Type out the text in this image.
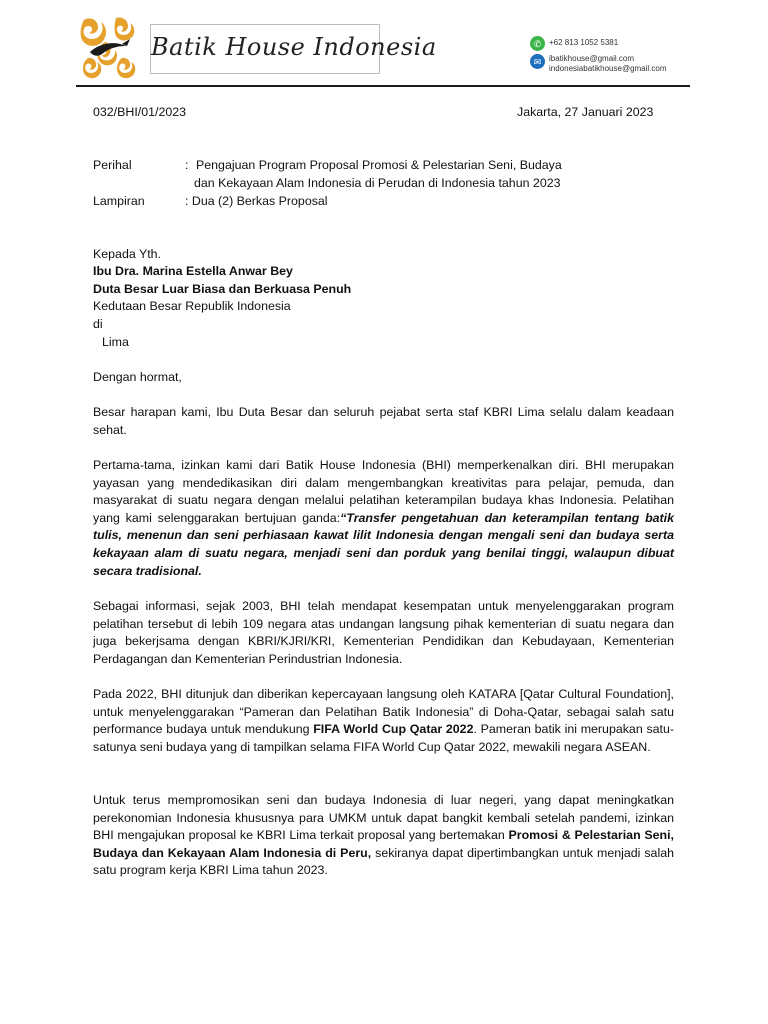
Batik House Indonesia	✆ +62 813 1052 5381
✉ ibatikhouse@gmail.com
indonesiabatikhouse@gmail.com
032/BHI/01/2023	Jakarta, 27 Januari 2023
Perihal	: Pengajuan Program Proposal Promosi & Pelestarian Seni, Budaya
dan Kekayaan Alam Indonesia di Perudan di Indonesia tahun 2023
Lampiran	: Dua (2) Berkas Proposal
Kepada Yth.
Ibu Dra. Marina Estella Anwar Bey
Duta Besar Luar Biasa dan Berkuasa Penuh
Kedutaan Besar Republik Indonesia
di
Lima
Dengan hormat,
Besar harapan kami, Ibu Duta Besar dan seluruh pejabat serta staf KBRI Lima selalu dalam keadaan sehat.
Pertama-tama, izinkan kami dari Batik House Indonesia (BHI) memperkenalkan diri. BHI merupakan yayasan yang mendedikasikan diri dalam mengembangkan kreativitas para pelajar, pemuda, dan masyarakat di suatu negara dengan melalui pelatihan keterampilan budaya khas Indonesia. Pelatihan yang kami selenggarakan bertujuan ganda:“Transfer pengetahuan dan keterampilan tentang batik tulis, menenun dan seni perhiasaan kawat lilit Indonesia dengan mengali seni dan budaya serta kekayaan alam di suatu negara, menjadi seni dan porduk yang benilai tinggi, walaupun dibuat secara tradisional.
Sebagai informasi, sejak 2003, BHI telah mendapat kesempatan untuk menyelenggarakan program pelatihan tersebut di lebih 109 negara atas undangan langsung pihak kementerian di suatu negara dan juga bekerjsama dengan KBRI/KJRI/KRI, Kementerian Pendidikan dan Kebudayaan, Kementerian Perdagangan dan Kementerian Perindustrian Indonesia.
Pada 2022, BHI ditunjuk dan diberikan kepercayaan langsung oleh KATARA [Qatar Cultural Foundation], untuk menyelenggarakan “Pameran dan Pelatihan Batik Indonesia” di Doha-Qatar, sebagai salah satu performance budaya untuk mendukung FIFA World Cup Qatar 2022. Pameran batik ini merupakan satu-satunya seni budaya yang di tampilkan selama FIFA World Cup Qatar 2022, mewakili negara ASEAN.
Untuk terus mempromosikan seni dan budaya Indonesia di luar negeri, yang dapat meningkatkan perekonomian Indonesia khususnya para UMKM untuk dapat bangkit kembali setelah pandemi, izinkan BHI mengajukan proposal ke KBRI Lima terkait proposal yang bertemakan Promosi & Pelestarian Seni, Budaya dan Kekayaan Alam Indonesia di Peru, sekiranya dapat dipertimbangkan untuk menjadi salah satu program kerja KBRI Lima tahun 2023.
